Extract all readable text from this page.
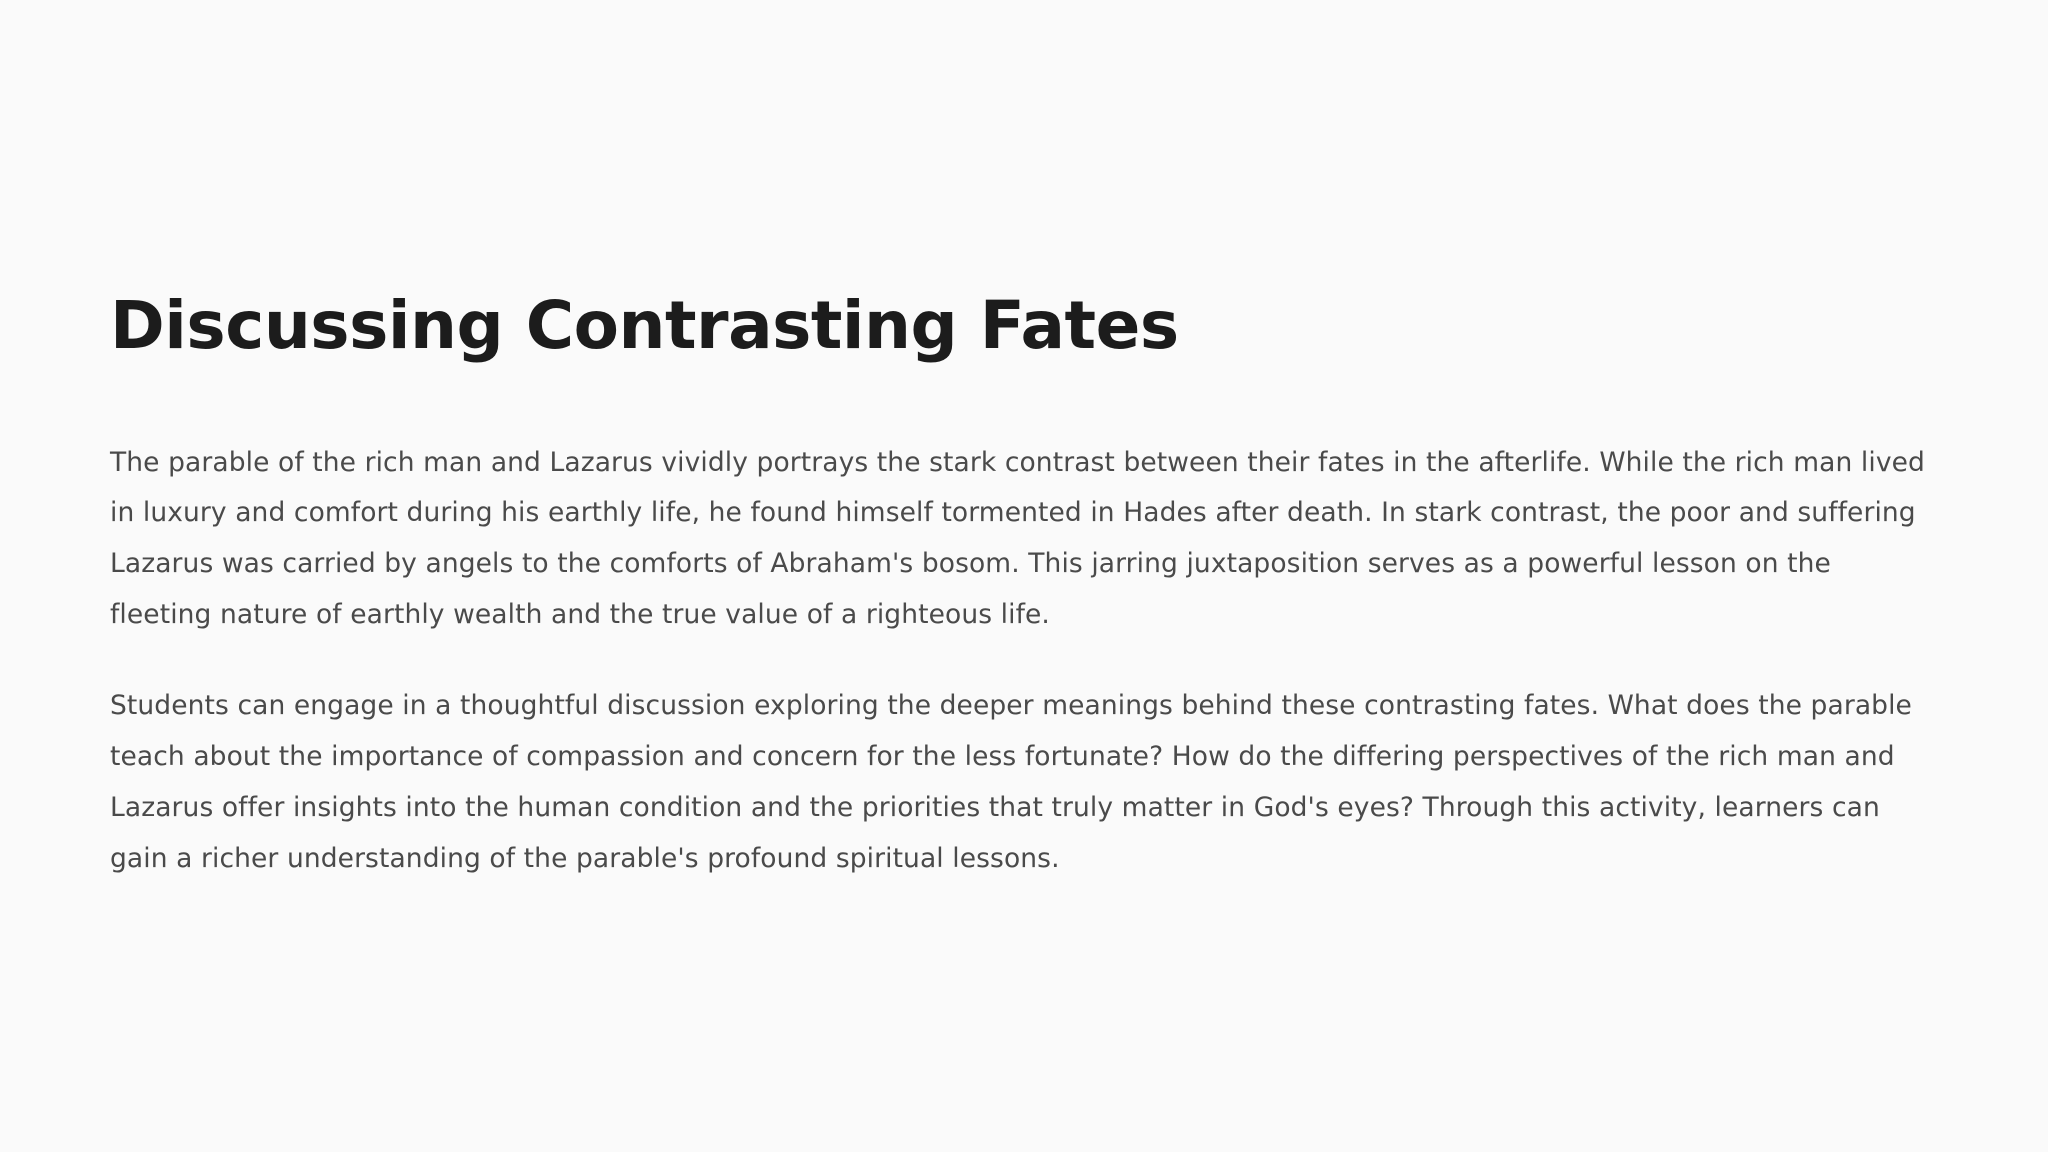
Discussing Contrasting Fates

The parable of the rich man and Lazarus vividly portrays the stark contrast between their fates in the afterlife. While the rich man lived in luxury and comfort during his earthly life, he found himself tormented in Hades after death. In stark contrast, the poor and suffering Lazarus was carried by angels to the comforts of Abraham's bosom. This jarring juxtaposition serves as a powerful lesson on the fleeting nature of earthly wealth and the true value of a righteous life.

Students can engage in a thoughtful discussion exploring the deeper meanings behind these contrasting fates. What does the parable teach about the importance of compassion and concern for the less fortunate? How do the differing perspectives of the rich man and Lazarus offer insights into the human condition and the priorities that truly matter in God's eyes? Through this activity, learners can gain a richer understanding of the parable's profound spiritual lessons.
